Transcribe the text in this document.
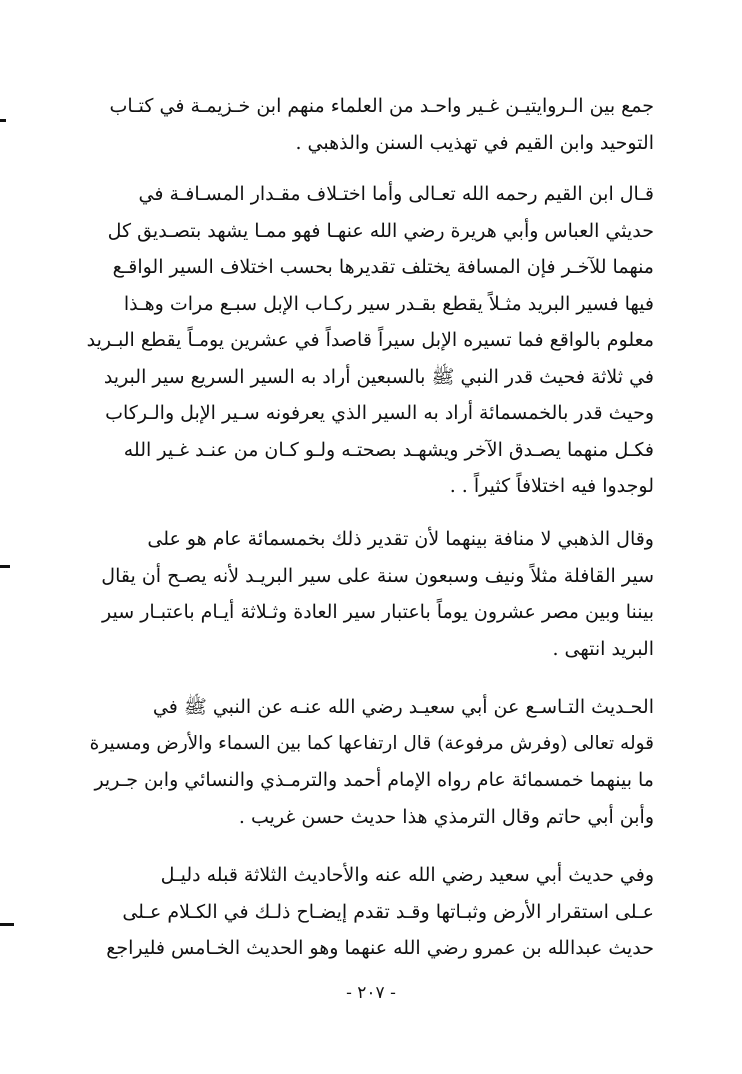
جمع بين الـروايتيـن غـير واحـد من العلماء منهم ابن خـزيمـة في كتـاب
التوحيد وابن القيم في تهذيب السنن والذهبي .
قـال ابن القيم رحمه الله تعـالى وأما اختـلاف مقـدار المسـافـة في
حديثي العباس وأبي هريرة رضي الله عنهـا فهو ممـا يشهد بتصـديق كل
منهما للآخـر فإن المسافة يختلف تقديرها بحسب اختلاف السير الواقـع
فيها فسير البريد مثـلاً يقطع بقـدر سير ركـاب الإبل سبـع مرات وهـذا
معلوم بالواقع فما تسيره الإبل سيراً قاصداً في عشرين يومـاً يقطع البـريد
في ثلاثة فحيث قدر النبي ﷺ بالسبعين أراد به السير السريع سير البريد
وحيث قدر بالخمسمائة أراد به السير الذي يعرفونه سـير الإبل والـركاب
فكـل منهما يصـدق الآخر ويشهـد بصحتـه ولـو كـان من عنـد غـير الله
لوجدوا فيه اختلافاً كثيراً . .
وقال الذهبي لا منافة بينهما لأن تقدير ذلك بخمسمائة عام هو على
سير القافلة مثلاً ونيف وسبعون سنة على سير البريـد لأنه يصـح أن يقال
بيننا وبين مصر عشرون يوماً باعتبار سير العادة وثـلاثة أيـام باعتبـار سير
البريد انتهى .
الحـديث التـاسـع عن أبي سعيـد رضي الله عنـه عن النبي ﷺ في
قوله تعالى (وفرش مرفوعة) قال ارتفاعها كما بين السماء والأرض ومسيرة
ما بينهما خمسمائة عام رواه الإمام أحمد والترمـذي والنسائي وابن جـرير
وأبن أبي حاتم وقال الترمذي هذا حديث حسن غريب .
وفي حديث أبي سعيد رضي الله عنه والأحاديث الثلاثة قبله دليـل
عـلى استقرار الأرض وثبـاتها وقـد تقدم إيضـاح ذلـك في الكـلام عـلى
حديث عبدالله بن عمرو رضي الله عنهما وهو الحديث الخـامس فليراجع
- ٢٠٧ -
